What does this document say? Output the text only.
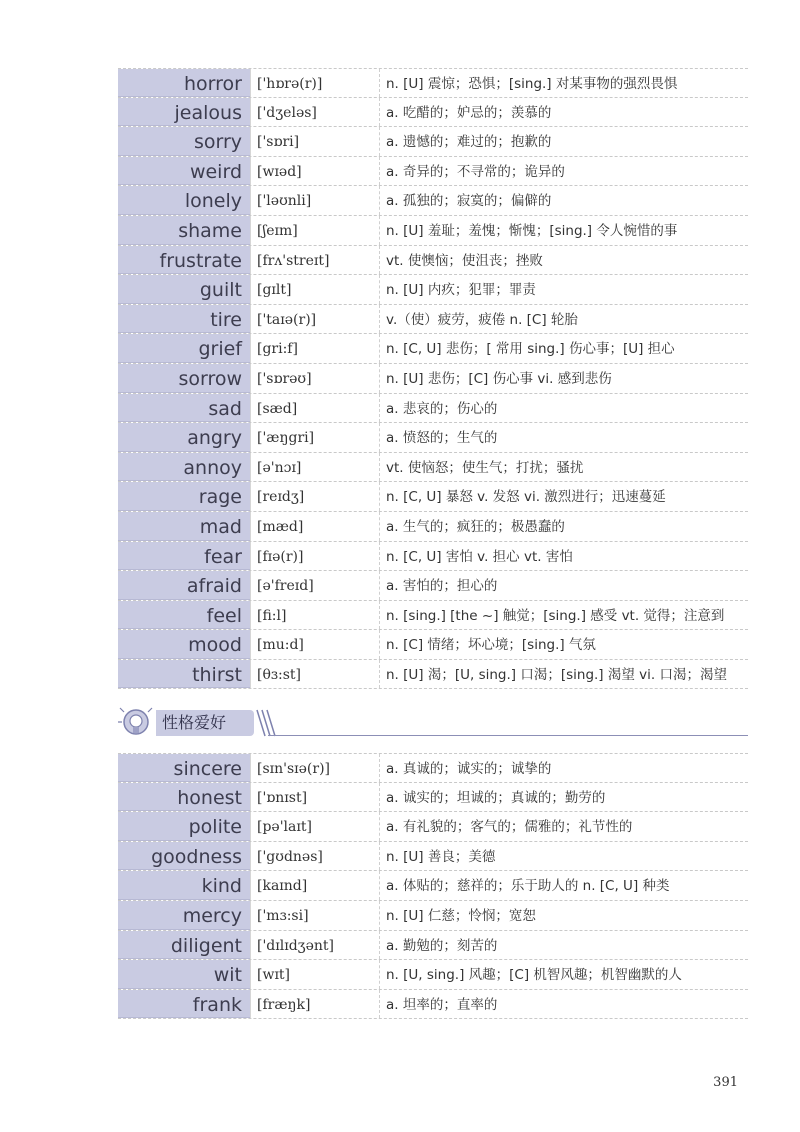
horror	['hɒrə(r)]	n. [U] 震惊；恐惧；[sing.] 对某事物的强烈畏惧
jealous	['dʒeləs]	a. 吃醋的；妒忌的；羡慕的
sorry	['sɒri]	a. 遗憾的；难过的；抱歉的
weird	[wɪəd]	a. 奇异的；不寻常的；诡异的
lonely	['ləʊnli]	a. 孤独的；寂寞的；偏僻的
shame	[ʃeɪm]	n. [U] 羞耻；羞愧；惭愧；[sing.] 令人惋惜的事
frustrate	[frʌ'streɪt]	vt. 使懊恼；使沮丧；挫败
guilt	[gɪlt]	n. [U] 内疚；犯罪；罪责
tire	['taɪə(r)]	v.（使）疲劳，疲倦 n. [C] 轮胎
grief	[gri:f]	n. [C, U] 悲伤；[ 常用 sing.] 伤心事；[U] 担心
sorrow	['sɒrəʊ]	n. [U] 悲伤；[C] 伤心事 vi. 感到悲伤
sad	[sæd]	a. 悲哀的；伤心的
angry	['æŋgri]	a. 愤怒的；生气的
annoy	[ə'nɔɪ]	vt. 使恼怒；使生气；打扰；骚扰
rage	[reɪdʒ]	n. [C, U] 暴怒 v. 发怒 vi. 激烈进行；迅速蔓延
mad	[mæd]	a. 生气的；疯狂的；极愚蠢的
fear	[fɪə(r)]	n. [C, U] 害怕 v. 担心 vt. 害怕
afraid	[ə'freɪd]	a. 害怕的；担心的
feel	[fi:l]	n. [sing.] [the ~] 触觉；[sing.] 感受 vt. 觉得；注意到
mood	[mu:d]	n. [C] 情绪；坏心境；[sing.] 气氛
thirst	[θɜ:st]	n. [U] 渴；[U, sing.] 口渴；[sing.] 渴望 vi. 口渴；渴望
性格爱好
sincere	[sɪn'sɪə(r)]	a. 真诚的；诚实的；诚挚的
honest	['ɒnɪst]	a. 诚实的；坦诚的；真诚的；勤劳的
polite	[pə'laɪt]	a. 有礼貌的；客气的；儒雅的；礼节性的
goodness	['gʊdnəs]	n. [U] 善良；美德
kind	[kaɪnd]	a. 体贴的；慈祥的；乐于助人的 n. [C, U] 种类
mercy	['mɜ:si]	n. [U] 仁慈；怜悯；宽恕
diligent	['dɪlɪdʒənt]	a. 勤勉的；刻苦的
wit	[wɪt]	n. [U, sing.] 风趣；[C] 机智风趣；机智幽默的人
frank	[fræŋk]	a. 坦率的；直率的
391
